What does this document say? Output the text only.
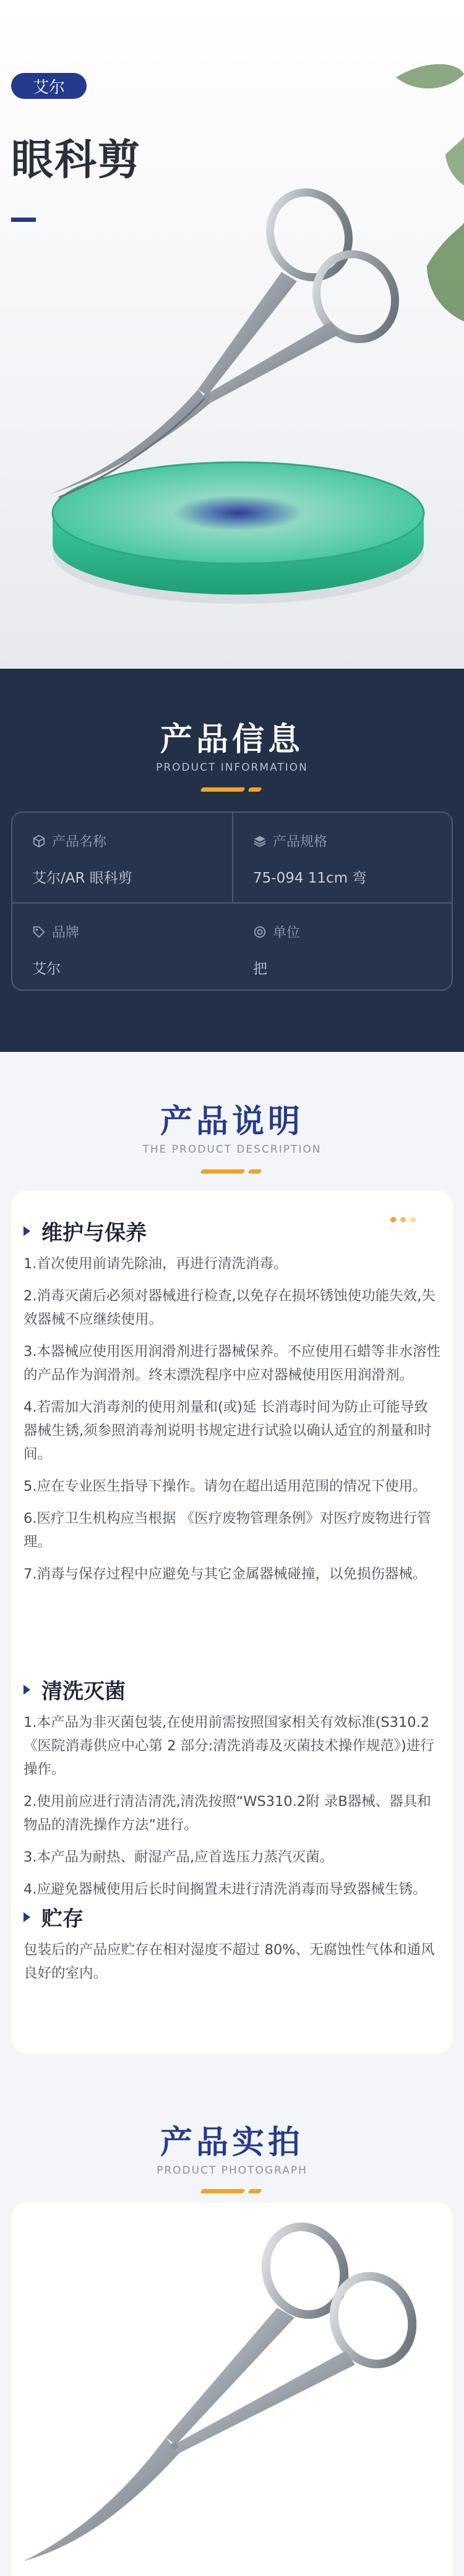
艾尔
眼科剪
产品信息
PRODUCT INFORMATION
产品名称
艾尔/AR 眼科剪
产品规格
75-094 11cm 弯
品牌
艾尔
单位
把
产品说明
THE PRODUCT DESCRIPTION
维护与保养

1.首次使用前请先除油，再进行清洗消毒。

2.消毒灭菌后必须对器械进行检查,以免存在损坏锈蚀使功能失效,失效器械不应继续使用。

3.本器械应使用医用润滑剂进行器械保养。不应使用石蜡等非水溶性的产品作为润滑剂。终末漂洗程序中应对器械使用医用润滑剂。

4.若需加大消毒剂的使用剂量和(或)延 长消毒时间为防止可能导致器械生锈,须参照消毒剂说明书规定进行试验以确认适宜的剂量和时间。

5.应在专业医生指导下操作。请勿在超出适用范围的情况下使用。

6.医疗卫生机构应当根据 《医疗废物管理条例》对医疗废物进行管理。

7.消毒与保存过程中应避免与其它金属器械碰撞，以免损伤器械。

清洗灭菌

1.本产品为非灭菌包装,在使用前需按照国家相关有效标准(S310.2《医院消毒供应中心第 2 部分:清洗消毒及灭菌技术操作规范》)进行操作。

2.使用前应进行清洁清洗,清洗按照“WS310.2附 录B器械、器具和物品的清洗操作方法”进行。

3.本产品为耐热、耐湿产品,应首选压力蒸汽灭菌。

4.应避免器械使用后长时间搁置未进行清洗消毒而导致器械生锈。

贮存

包装后的产品应贮存在相对湿度不超过 80%、无腐蚀性气体和通风良好的室内。

产品实拍
PRODUCT PHOTOGRAPH
